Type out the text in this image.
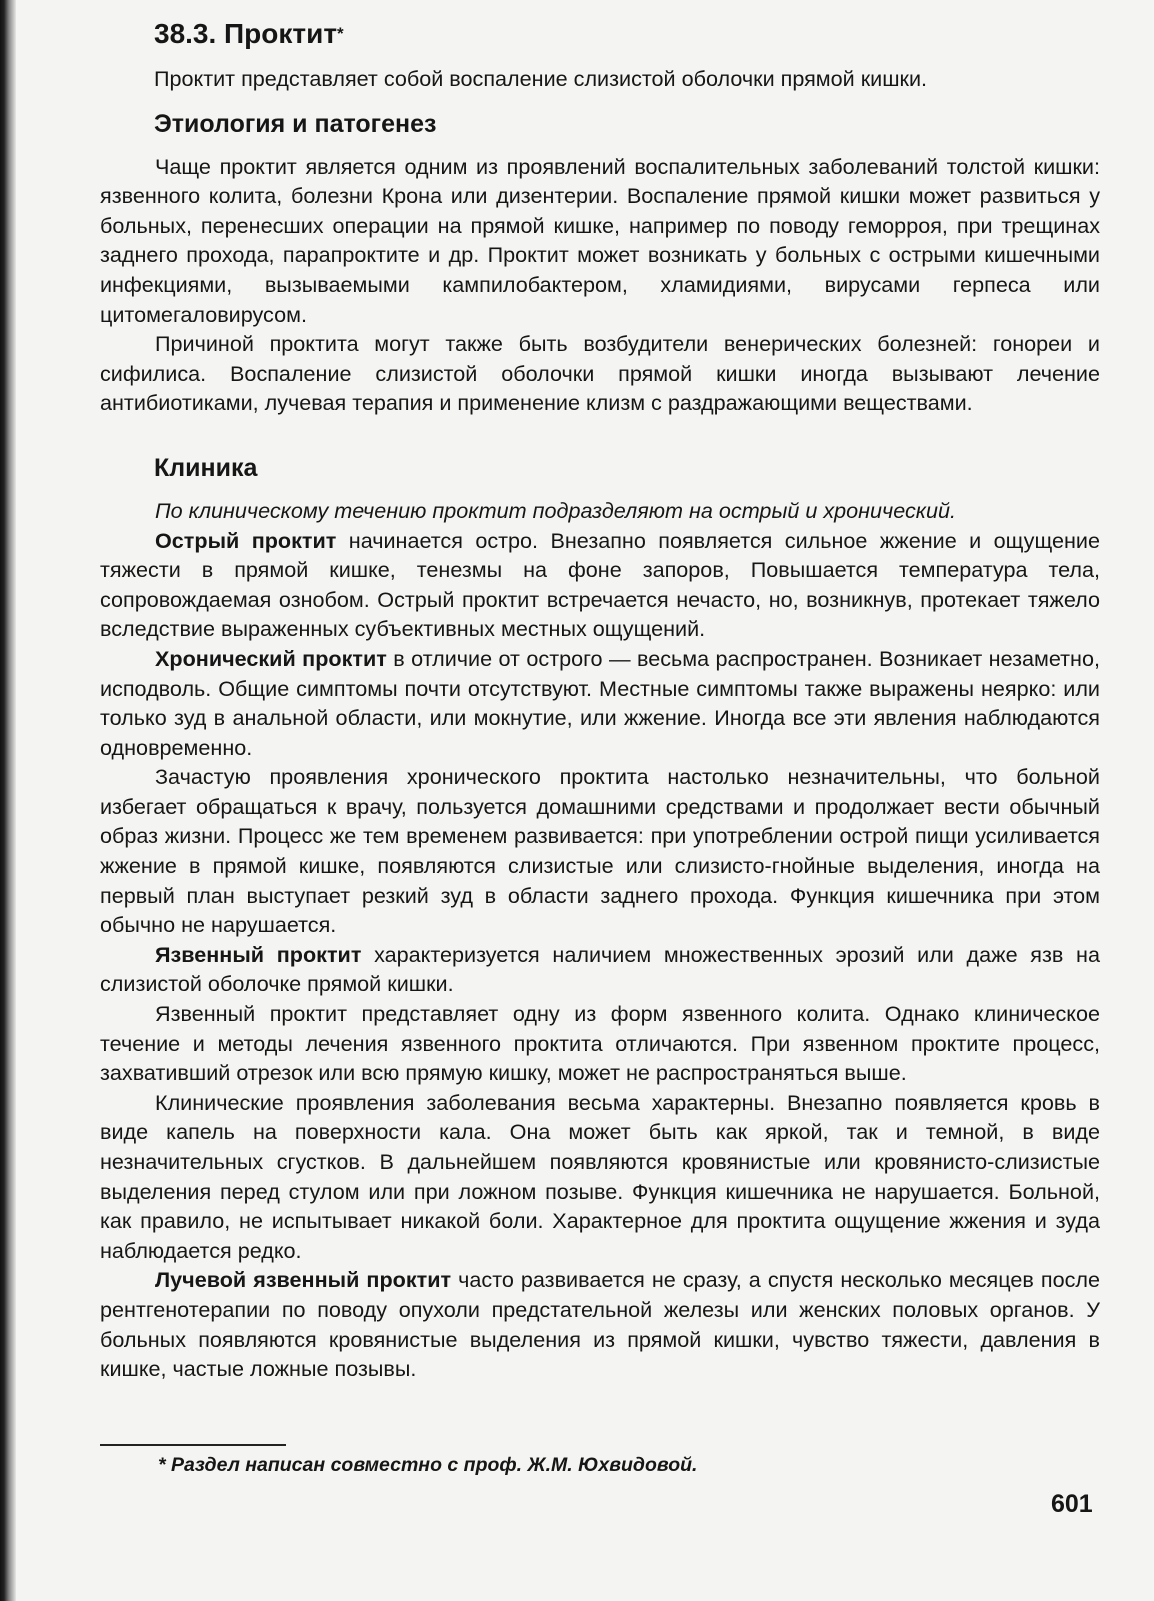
38.3. Проктит*

Проктит представляет собой воспаление слизистой оболочки прямой кишки.

Этиология и патогенез

Чаще проктит является одним из проявлений воспалительных заболеваний толстой кишки: язвенного колита, болезни Крона или дизентерии. Воспаление прямой кишки может развиться у больных, перенесших операции на прямой кишке, например по поводу геморроя, при трещинах заднего прохода, парапроктите и др. Проктит может возникать у больных с острыми кишечными инфекциями, вызываемыми кампилобактером, хламидиями, вирусами герпеса или цитомегаловирусом.

Причиной проктита могут также быть возбудители венерических болезней: гонореи и сифилиса. Воспаление слизистой оболочки прямой кишки иногда вызывают лечение антибиотиками, лучевая терапия и применение клизм с раздражающими веществами.

Клиника

По клиническому течению проктит подразделяют на острый и хронический.

Острый проктит начинается остро. Внезапно появляется сильное жжение и ощущение тяжести в прямой кишке, тенезмы на фоне запоров, Повышается температура тела, сопровождаемая ознобом. Острый проктит встречается нечасто, но, возникнув, протекает тяжело вследствие выраженных субъективных местных ощущений.

Хронический проктит в отличие от острого — весьма распространен. Возникает незаметно, исподволь. Общие симптомы почти отсутствуют. Местные симптомы также выражены неярко: или только зуд в анальной области, или мокнутие, или жжение. Иногда все эти явления наблюдаются одновременно.

Зачастую проявления хронического проктита настолько незначительны, что больной избегает обращаться к врачу, пользуется домашними средствами и продолжает вести обычный образ жизни. Процесс же тем временем развивается: при употреблении острой пищи усиливается жжение в прямой кишке, появляются слизистые или слизисто-гнойные выделения, иногда на первый план выступает резкий зуд в области заднего прохода. Функция кишечника при этом обычно не нарушается.

Язвенный проктит характеризуется наличием множественных эрозий или даже язв на слизистой оболочке прямой кишки.

Язвенный проктит представляет одну из форм язвенного колита. Однако клиническое течение и методы лечения язвенного проктита отличаются. При язвенном проктите процесс, захвативший отрезок или всю прямую кишку, может не распространяться выше.

Клинические проявления заболевания весьма характерны. Внезапно появляется кровь в виде капель на поверхности кала. Она может быть как яркой, так и темной, в виде незначительных сгустков. В дальнейшем появляются кровянистые или кровянисто-слизистые выделения перед стулом или при ложном позыве. Функция кишечника не нарушается. Больной, как правило, не испытывает никакой боли. Характерное для проктита ощущение жжения и зуда наблюдается редко.

Лучевой язвенный проктит часто развивается не сразу, а спустя несколько месяцев после рентгенотерапии по поводу опухоли предстательной железы или женских половых органов. У больных появляются кровянистые выделения из прямой кишки, чувство тяжести, давления в кишке, частые ложные позывы.

* Раздел написан совместно с проф. Ж.М. Юхвидовой.
601
